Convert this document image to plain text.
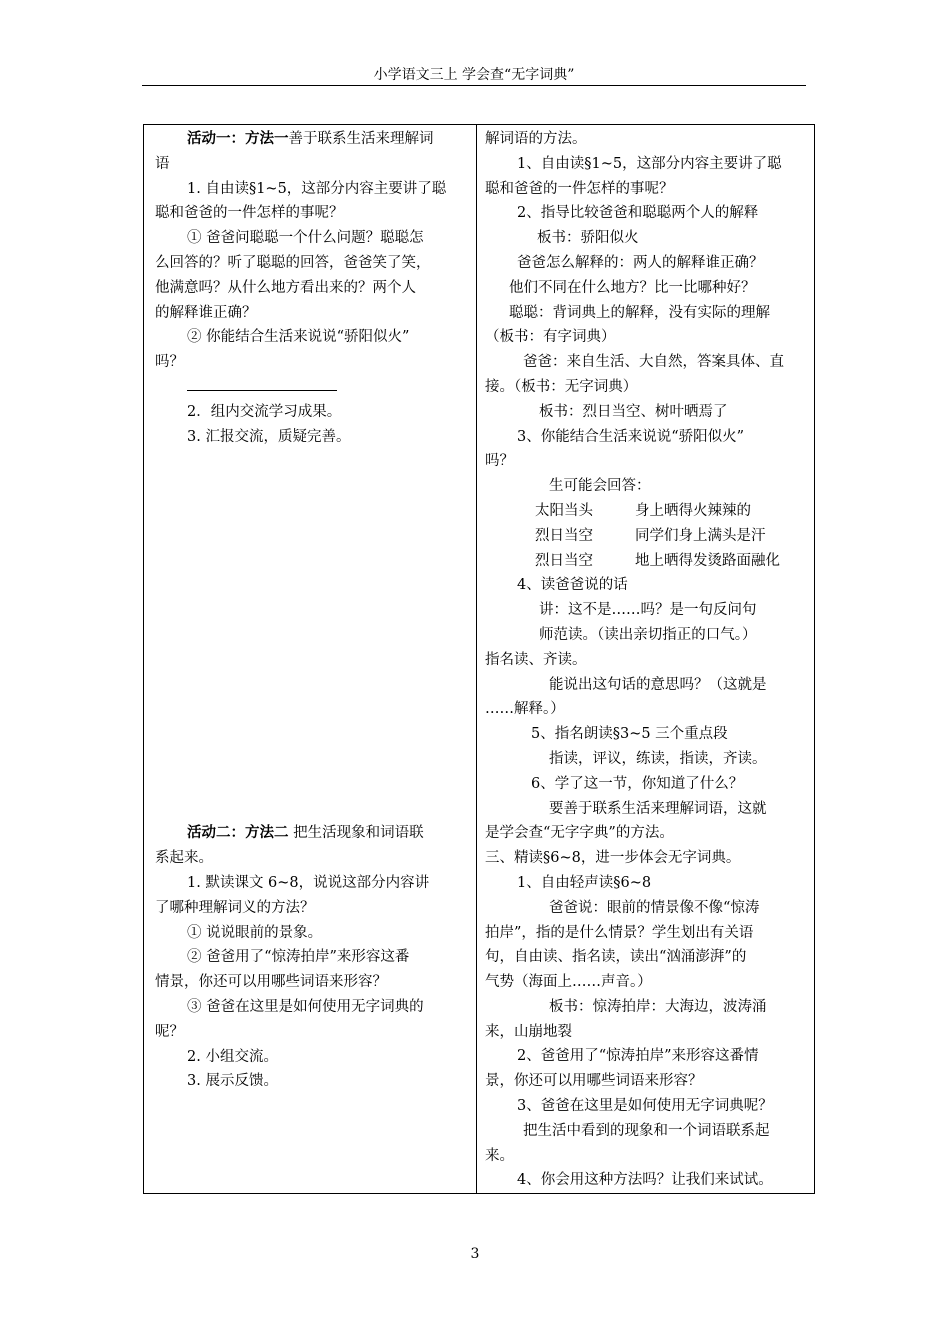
小学语文三上 学会查“无字词典”
活动一：方法一善于联系生活来理解词
语
1. 自由读§1~5，这部分内容主要讲了聪
聪和爸爸的一件怎样的事呢？
① 爸爸问聪聪一个什么问题？聪聪怎
么回答的？听了聪聪的回答，爸爸笑了笑，
他满意吗？从什么地方看出来的？两个人
的解释谁正确？
② 你能结合生活来说说“骄阳似火”
吗？
2．组内交流学习成果。
3. 汇报交流，质疑完善。
活动二：方法二 把生活现象和词语联
系起来。
1. 默读课文 6~8，说说这部分内容讲
了哪种理解词义的方法？
① 说说眼前的景象。
② 爸爸用了“惊涛拍岸”来形容这番
情景，你还可以用哪些词语来形容？
③ 爸爸在这里是如何使用无字词典的
呢？
2. 小组交流。
3. 展示反馈。
解词语的方法。
1、自由读§1~5，这部分内容主要讲了聪
聪和爸爸的一件怎样的事呢？
2、指导比较爸爸和聪聪两个人的解释
板书：骄阳似火
爸爸怎么解释的：两人的解释谁正确？
他们不同在什么地方？比一比哪种好？
聪聪：背词典上的解释，没有实际的理解
（板书：有字词典）
爸爸：来自生活、大自然，答案具体、直
接。（板书：无字词典）
板书：烈日当空、树叶晒焉了
3、你能结合生活来说说“骄阳似火”
吗？
生可能会回答：
太阳当头	身上晒得火辣辣的
烈日当空	同学们身上满头是汗
烈日当空	地上晒得发烫路面融化
4、读爸爸说的话
讲：这不是……吗？是一句反问句
师范读。（读出亲切指正的口气。）
指名读、齐读。
能说出这句话的意思吗？（这就是
……解释。）
5、指名朗读§3~5 三个重点段
指读，评议，练读，指读，齐读。
6、学了这一节，你知道了什么？
要善于联系生活来理解词语，这就
是学会查“无字字典”的方法。
三、精读§6~8，进一步体会无字词典。
1、自由轻声读§6~8
爸爸说：眼前的情景像不像“惊涛
拍岸”，指的是什么情景？学生划出有关语
句，自由读、指名读，读出“汹涌澎湃”的
气势（海面上……声音。）
板书：惊涛拍岸：大海边，波涛涌
来，山崩地裂
2、爸爸用了“惊涛拍岸”来形容这番情
景，你还可以用哪些词语来形容？
3、爸爸在这里是如何使用无字词典呢？
把生活中看到的现象和一个词语联系起
来。
4、你会用这种方法吗？让我们来试试。
3
